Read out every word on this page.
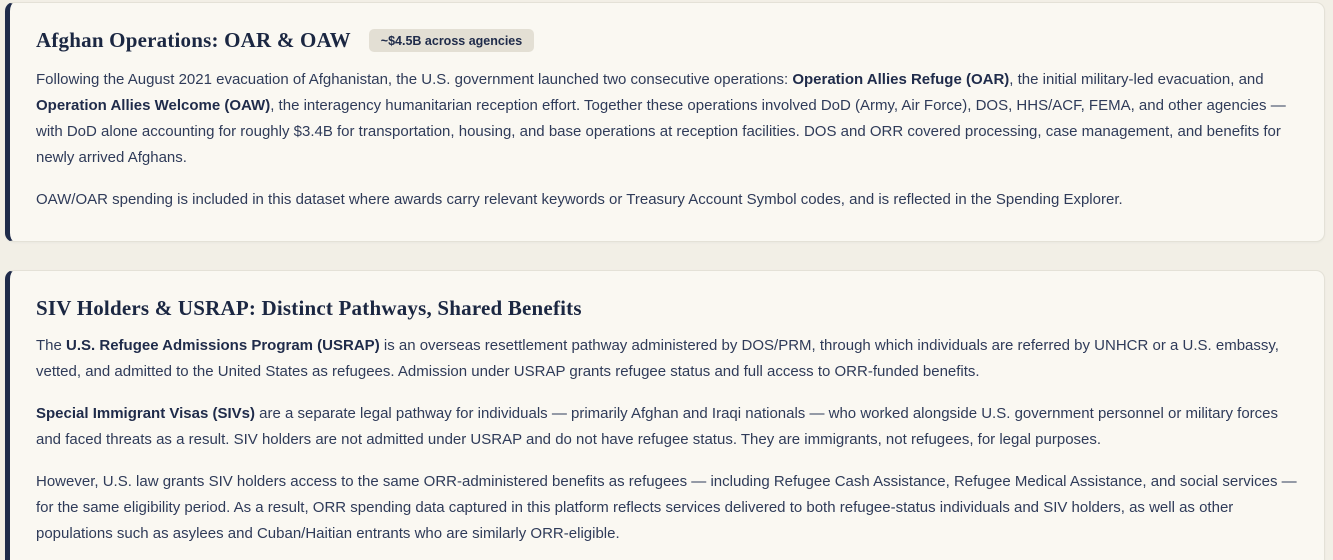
Afghan Operations: OAR & OAW	~$4.5B across agencies

Following the August 2021 evacuation of Afghanistan, the U.S. government launched two consecutive operations: Operation Allies Refuge (OAR), the initial military-led evacuation, and Operation Allies Welcome (OAW), the interagency humanitarian reception effort. Together these operations involved DoD (Army, Air Force), DOS, HHS/ACF, FEMA, and other agencies — with DoD alone accounting for roughly $3.4B for transportation, housing, and base operations at reception facilities. DOS and ORR covered processing, case management, and benefits for newly arrived Afghans.

OAW/OAR spending is included in this dataset where awards carry relevant keywords or Treasury Account Symbol codes, and is reflected in the Spending Explorer.

SIV Holders & USRAP: Distinct Pathways, Shared Benefits

The U.S. Refugee Admissions Program (USRAP) is an overseas resettlement pathway administered by DOS/PRM, through which individuals are referred by UNHCR or a U.S. embassy, vetted, and admitted to the United States as refugees. Admission under USRAP grants refugee status and full access to ORR-funded benefits.

Special Immigrant Visas (SIVs) are a separate legal pathway for individuals — primarily Afghan and Iraqi nationals — who worked alongside U.S. government personnel or military forces and faced threats as a result. SIV holders are not admitted under USRAP and do not have refugee status. They are immigrants, not refugees, for legal purposes.

However, U.S. law grants SIV holders access to the same ORR-administered benefits as refugees — including Refugee Cash Assistance, Refugee Medical Assistance, and social services — for the same eligibility period. As a result, ORR spending data captured in this platform reflects services delivered to both refugee-status individuals and SIV holders, as well as other populations such as asylees and Cuban/Haitian entrants who are similarly ORR-eligible.
